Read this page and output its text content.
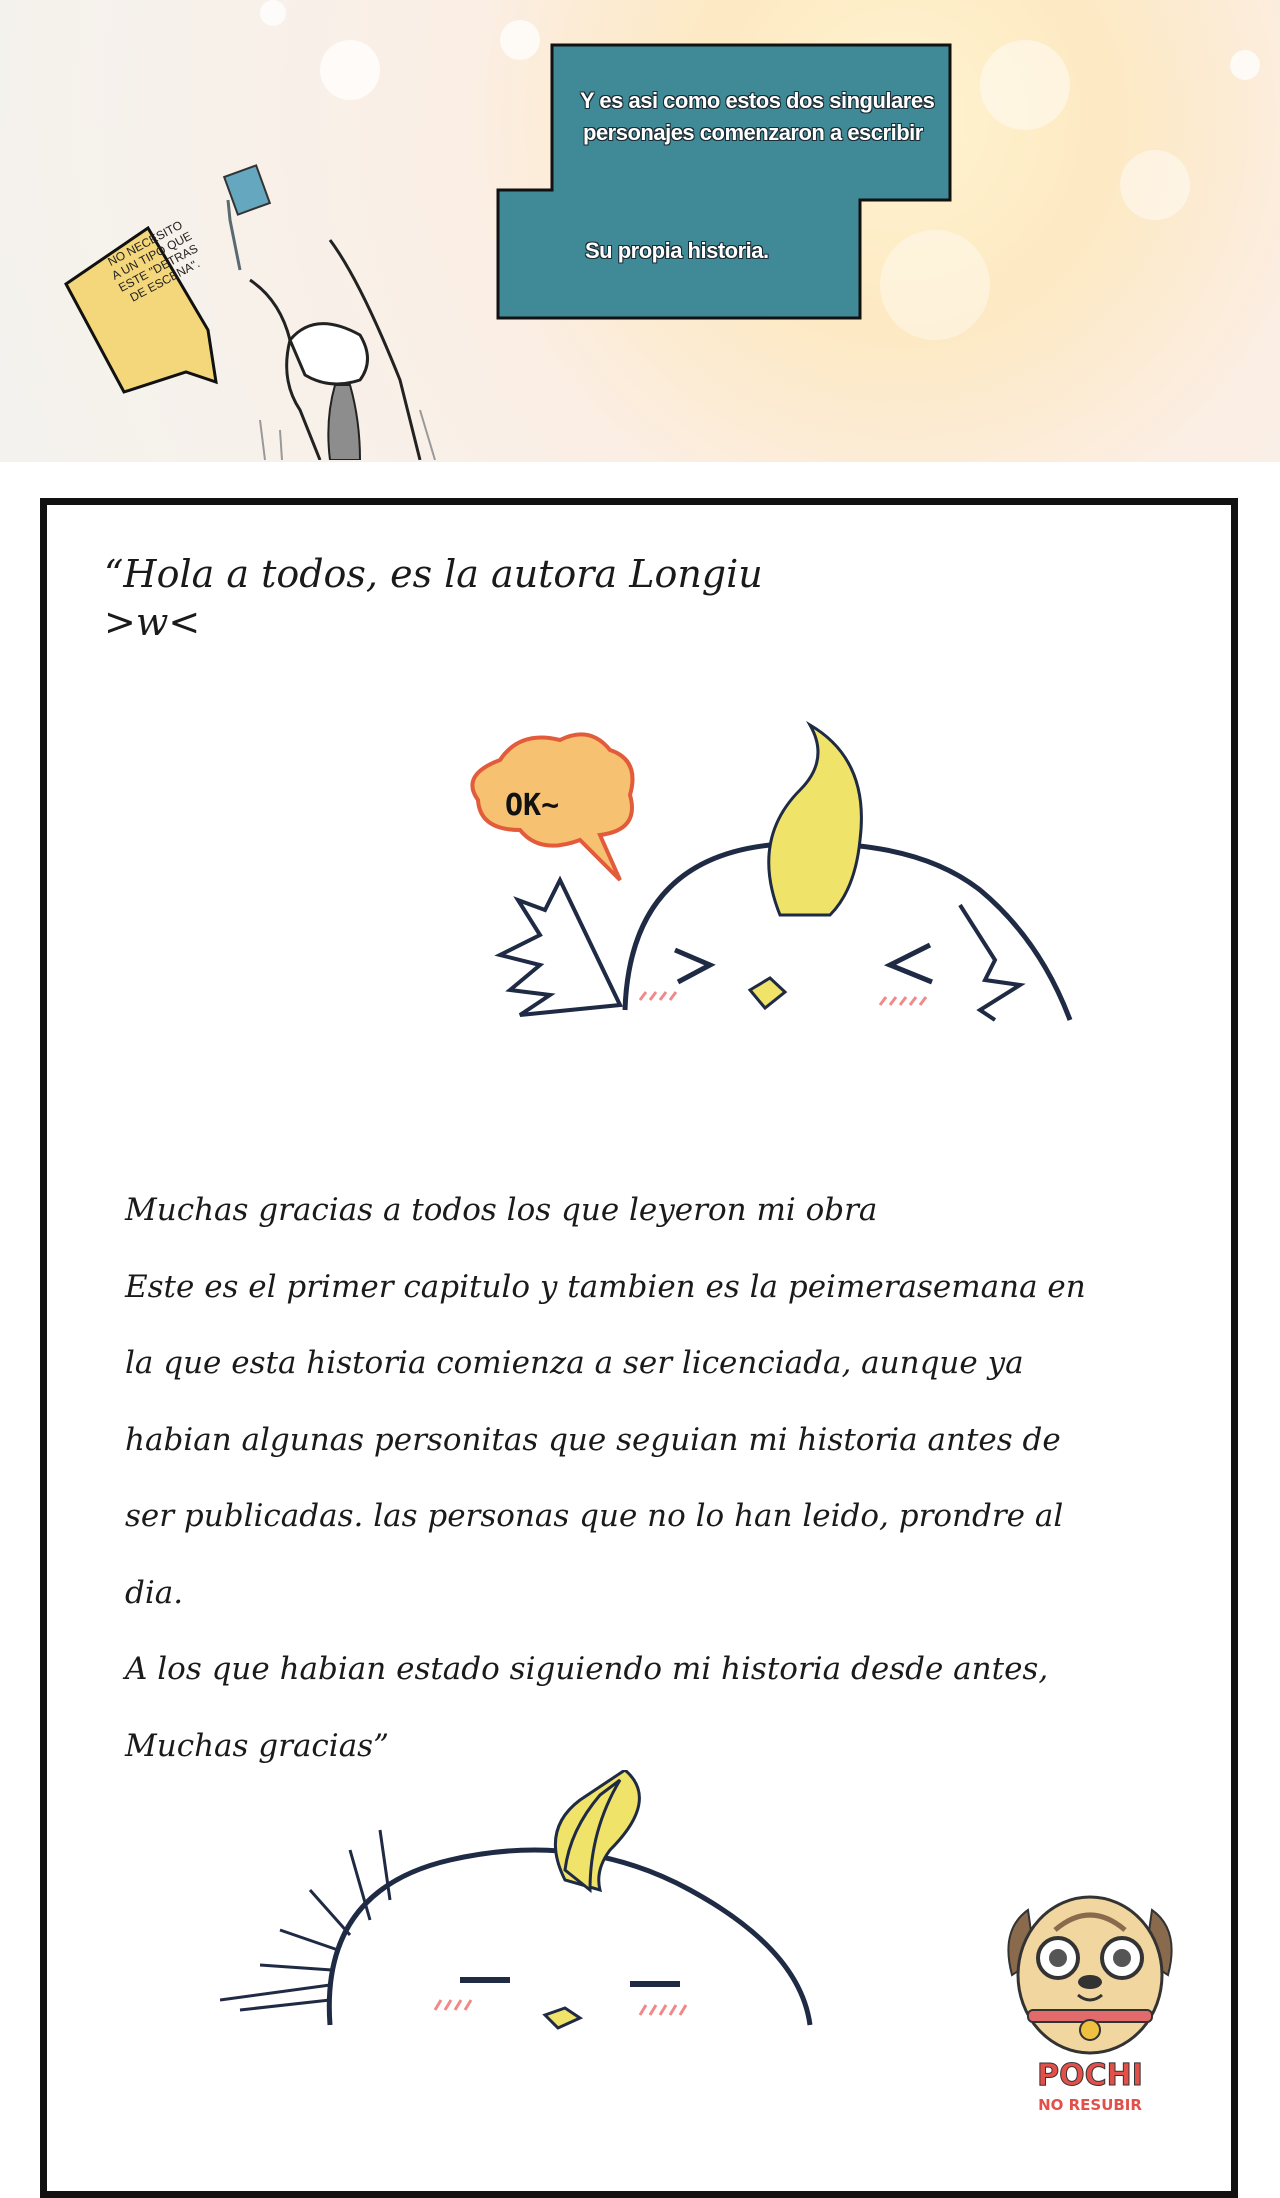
Y es asi como estos dos singulares
personajes comenzaron a escribir
Su propia historia.
NO NECESITO
A UN TIPO QUE
ESTE "DETRAS
DE ESCENA".
“Hola a todos, es la autora Longiu
>w<
OK~
Muchas gracias a todos los que leyeron mi obra
Este es el primer capitulo y tambien es la peimerasemana en
la que esta historia comienza a ser licenciada, aunque ya
habian algunas personitas que seguian mi historia antes de
ser publicadas. las personas que no lo han leido, prondre al
dia.
A los que habian estado siguiendo mi historia desde antes,
Muchas gracias”
POCHI
NO RESUBIR
